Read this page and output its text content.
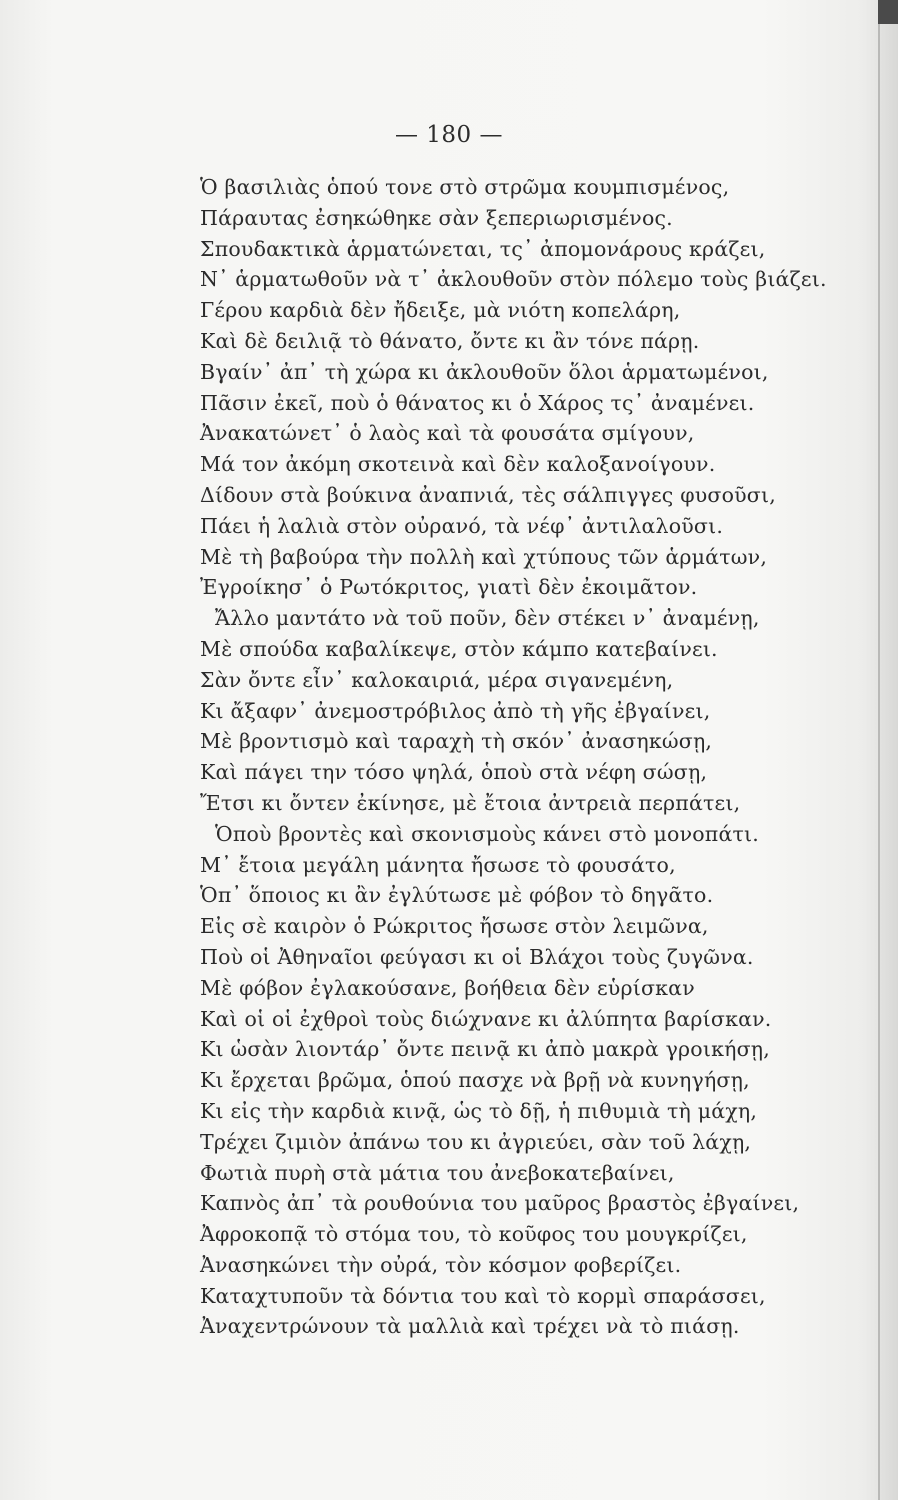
— 180 —
Ὁ βασιλιὰς ὁπού τονε στὸ στρῶμα κουμπισμένος,
Πάραυτας ἐσηκώθηκε σὰν ξεπεριωρισμένος.
Σπουδακτικὰ ἁρματώνεται, τς᾽ ἀπομονάρους κράζει,
Ν᾽ ἁρματωθοῦν νὰ τ᾽ ἀκλουθοῦν στὸν πόλεμο τοὺς βιάζει.
Γέρου καρδιὰ δὲν ἤδειξε, μὰ νιότη κοπελάρη,
Καὶ δὲ δειλιᾷ τὸ θάνατο, ὄντε κι ἂν τόνε πάρῃ.
Βγαίν᾽ ἀπ᾽ τὴ χώρα κι ἀκλουθοῦν ὅλοι ἁρματωμένοι,
Πᾶσιν ἐκεῖ, ποὺ ὁ θάνατος κι ὁ Χάρος τς᾽ ἀναμένει.
Ἀνακατώνετ᾽ ὁ λαὸς καὶ τὰ φουσάτα σμίγουν,
Μά τον ἀκόμη σκοτεινὰ καὶ δὲν καλοξανοίγουν.
Δίδουν στὰ βούκινα ἀναπνιά, τὲς σάλπιγγες φυσοῦσι,
Πάει ἡ λαλιὰ στὸν οὐρανό, τὰ νέφ᾽ ἀντιλαλοῦσι.
Μὲ τὴ βαβούρα τὴν πολλὴ καὶ χτύπους τῶν ἁρμάτων,
Ἐγροίκησ᾽ ὁ Ρωτόκριτος, γιατὶ δὲν ἐκοιμᾶτον.
Ἄλλο μαντάτο νὰ τοῦ ποῦν, δὲν στέκει ν᾽ ἀναμένῃ,
Μὲ σπούδα καβαλίκεψε, στὸν κάμπο κατεβαίνει.
Σὰν ὄντε εἶν᾽ καλοκαιριά, μέρα σιγανεμένη,
Κι ἄξαφν᾽ ἀνεμοστρόβιλος ἀπὸ τὴ γῆς ἐβγαίνει,
Μὲ βροντισμὸ καὶ ταραχὴ τὴ σκόν᾽ ἀνασηκώσῃ,
Καὶ πάγει την τόσο ψηλά, ὁποὺ στὰ νέφη σώσῃ,
Ἔτσι κι ὄντεν ἐκίνησε, μὲ ἔτοια ἀντρειὰ περπάτει,
Ὁποὺ βροντὲς καὶ σκονισμοὺς κάνει στὸ μονοπάτι.
Μ᾽ ἔτοια μεγάλη μάνητα ἤσωσε τὸ φουσάτο,
Ὁπ᾽ ὅποιος κι ἂν ἐγλύτωσε μὲ φόβον τὸ δηγᾶτο.
Εἰς σὲ καιρὸν ὁ Ρώκριτος ἤσωσε στὸν λειμῶνα,
Ποὺ οἱ Ἀθηναῖοι φεύγασι κι οἱ Βλάχοι τοὺς ζυγῶνα.
Μὲ φόβον ἐγλακούσανε, βοήθεια δὲν εὑρίσκαν
Καὶ οἱ οἱ ἐχθροὶ τοὺς διώχνανε κι ἀλύπητα βαρίσκαν.
Κι ὡσὰν λιοντάρ᾽ ὄντε πεινᾷ κι ἀπὸ μακρὰ γροικήσῃ,
Κι ἔρχεται βρῶμα, ὁπού πασχε νὰ βρῇ νὰ κυνηγήσῃ,
Κι εἰς τὴν καρδιὰ κινᾷ, ὡς τὸ δῇ, ἡ πιθυμιὰ τὴ μάχη,
Τρέχει ζιμιὸν ἀπάνω του κι ἀγριεύει, σὰν τοῦ λάχῃ,
Φωτιὰ πυρὴ στὰ μάτια του ἀνεβοκατεβαίνει,
Καπνὸς ἀπ᾽ τὰ ρουθούνια του μαῦρος βραστὸς ἐβγαίνει,
Ἀφροκοπᾷ τὸ στόμα του, τὸ κοῦφος του μουγκρίζει,
Ἀνασηκώνει τὴν οὐρά, τὸν κόσμον φοβερίζει.
Καταχτυποῦν τὰ δόντια του καὶ τὸ κορμὶ σπαράσσει,
Ἀναχεντρώνουν τὰ μαλλιὰ καὶ τρέχει νὰ τὸ πιάσῃ.
